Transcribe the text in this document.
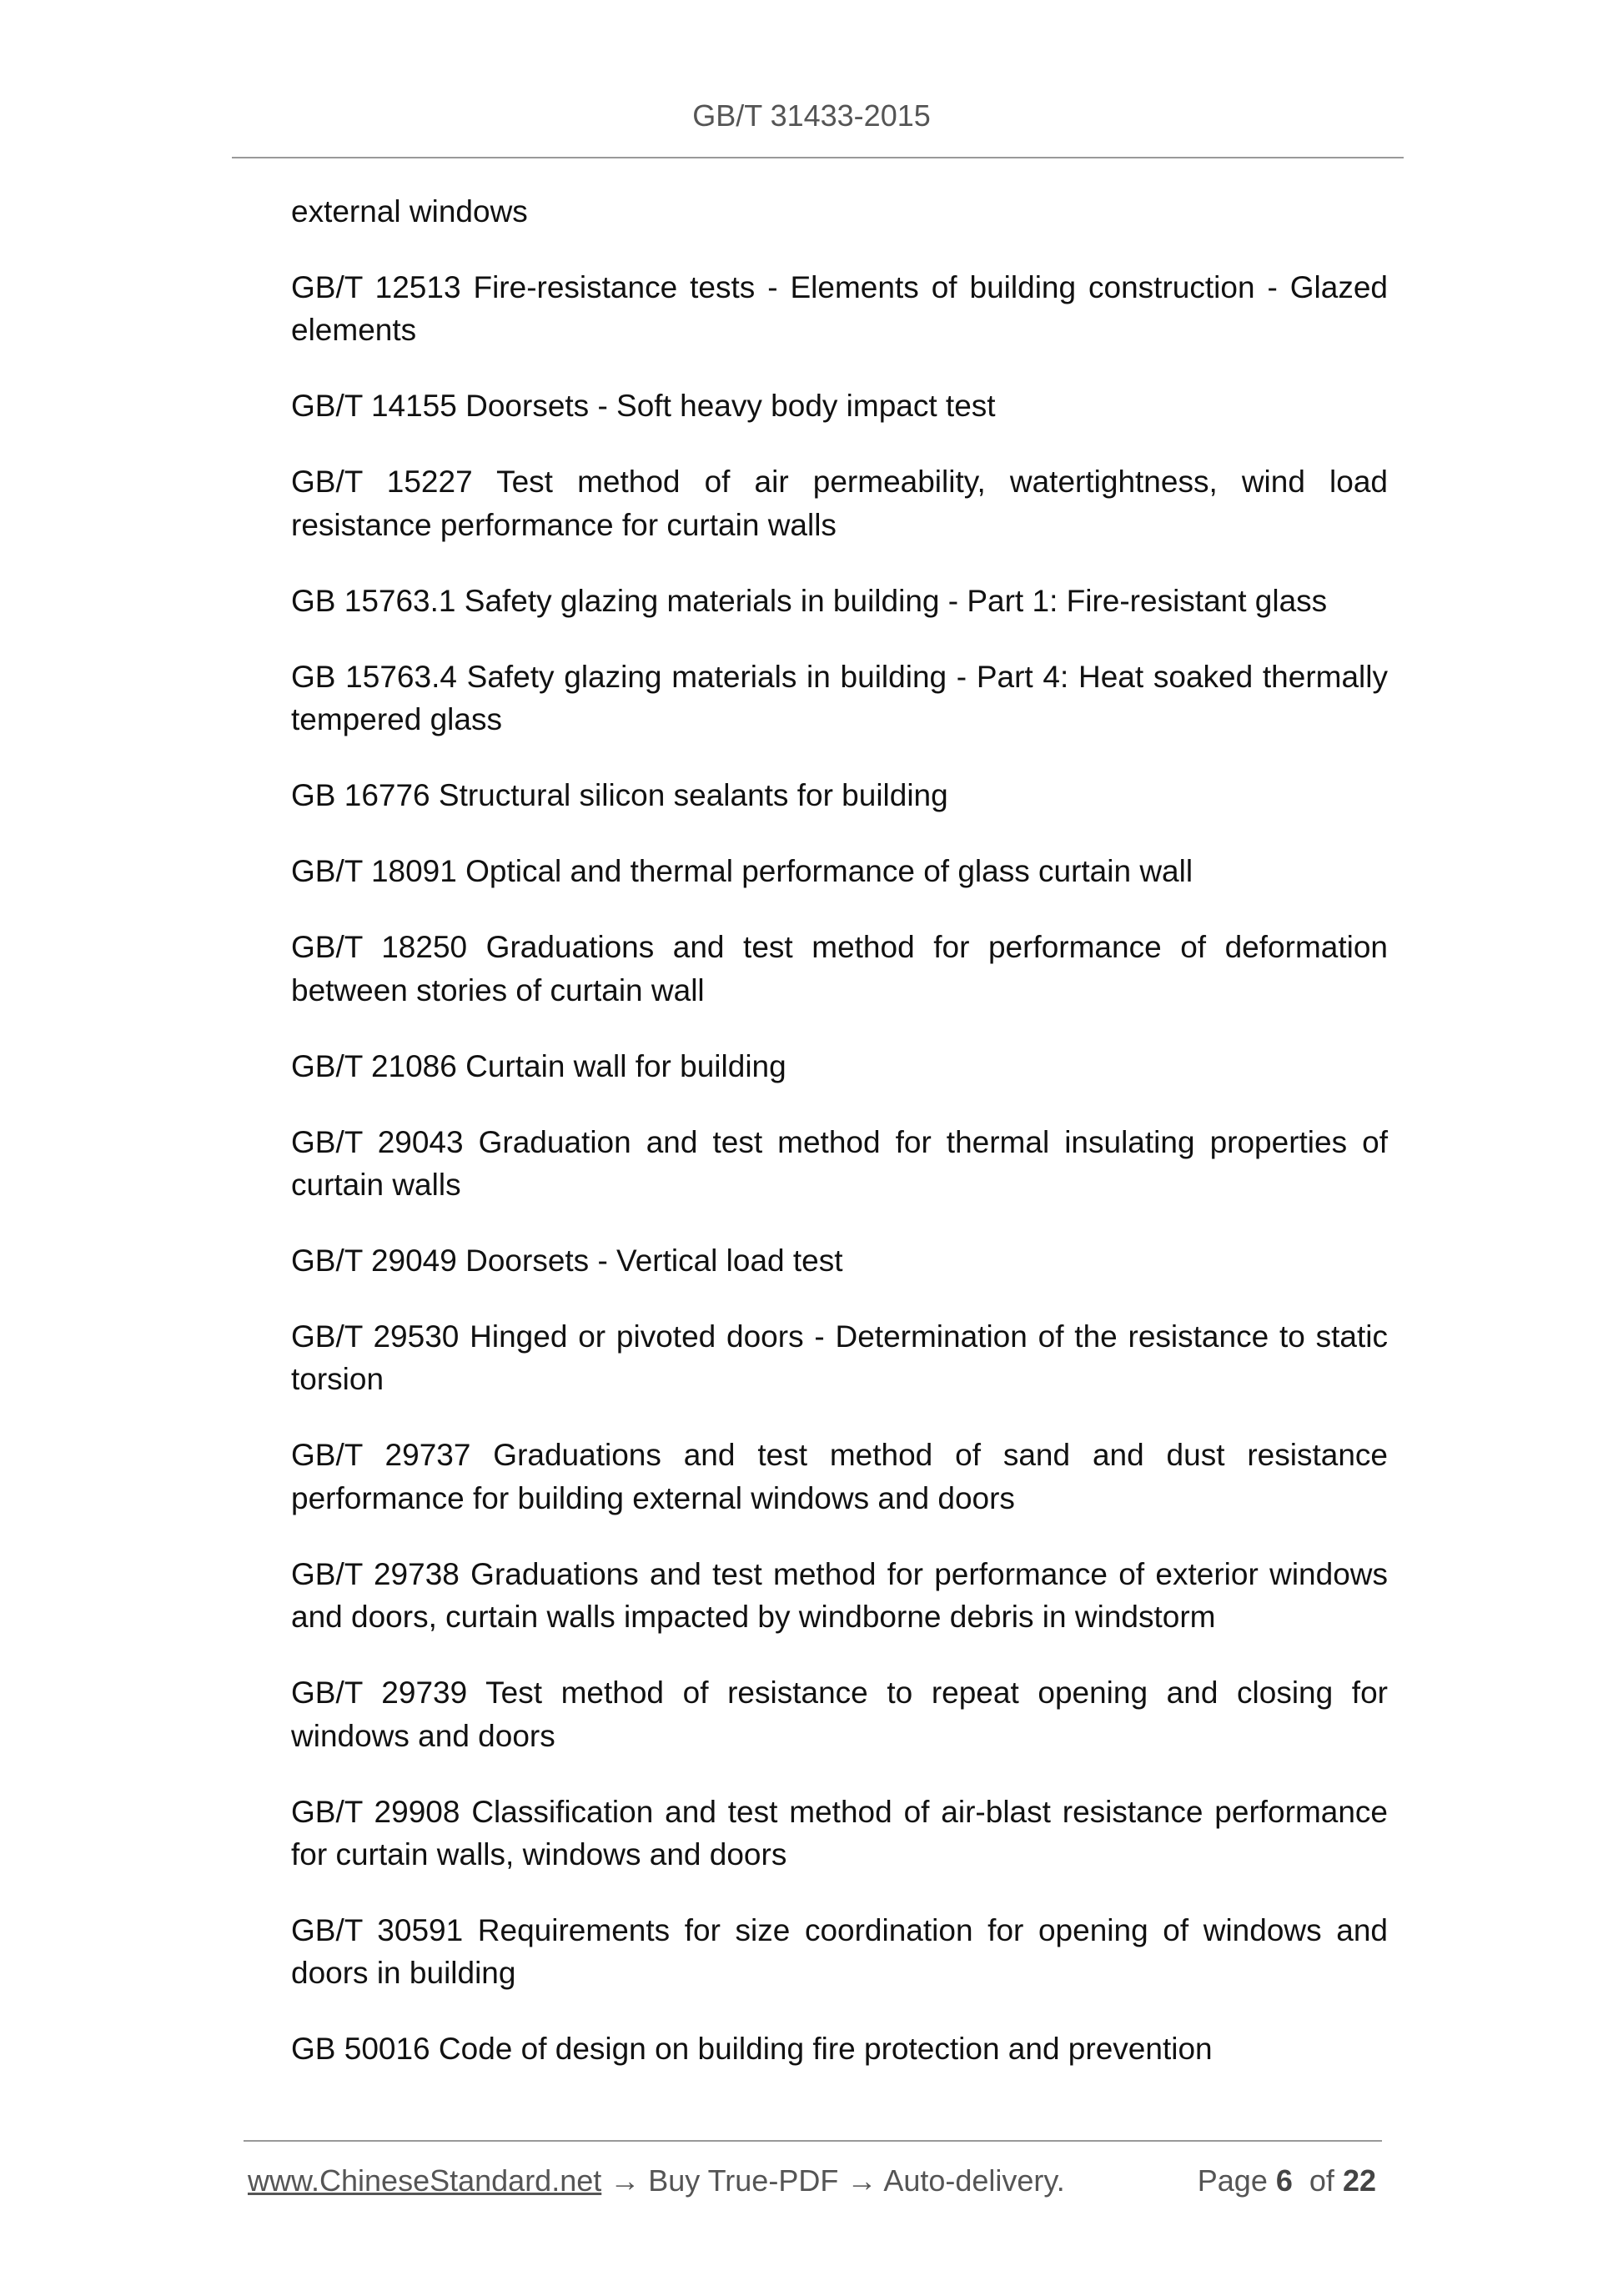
GB/T 31433-2015

external windows

GB/T 12513 Fire-resistance tests - Elements of building construction - Glazed elements

GB/T 14155 Doorsets - Soft heavy body impact test

GB/T 15227 Test method of air permeability, watertightness, wind load resistance performance for curtain walls

GB 15763.1 Safety glazing materials in building - Part 1: Fire-resistant glass

GB 15763.4 Safety glazing materials in building - Part 4: Heat soaked thermally tempered glass

GB 16776 Structural silicon sealants for building

GB/T 18091 Optical and thermal performance of glass curtain wall

GB/T 18250 Graduations and test method for performance of deformation between stories of curtain wall

GB/T 21086 Curtain wall for building

GB/T 29043 Graduation and test method for thermal insulating properties of curtain walls

GB/T 29049 Doorsets - Vertical load test

GB/T 29530 Hinged or pivoted doors - Determination of the resistance to static torsion

GB/T 29737 Graduations and test method of sand and dust resistance performance for building external windows and doors

GB/T 29738 Graduations and test method for performance of exterior windows and doors, curtain walls impacted by windborne debris in windstorm

GB/T 29739 Test method of resistance to repeat opening and closing for windows and doors

GB/T 29908 Classification and test method of air-blast resistance performance for curtain walls, windows and doors

GB/T 30591 Requirements for size coordination for opening of windows and doors in building

GB 50016 Code of design on building fire protection and prevention

www.ChineseStandard.net → Buy True-PDF → Auto-delivery.	Page 6 of 22
